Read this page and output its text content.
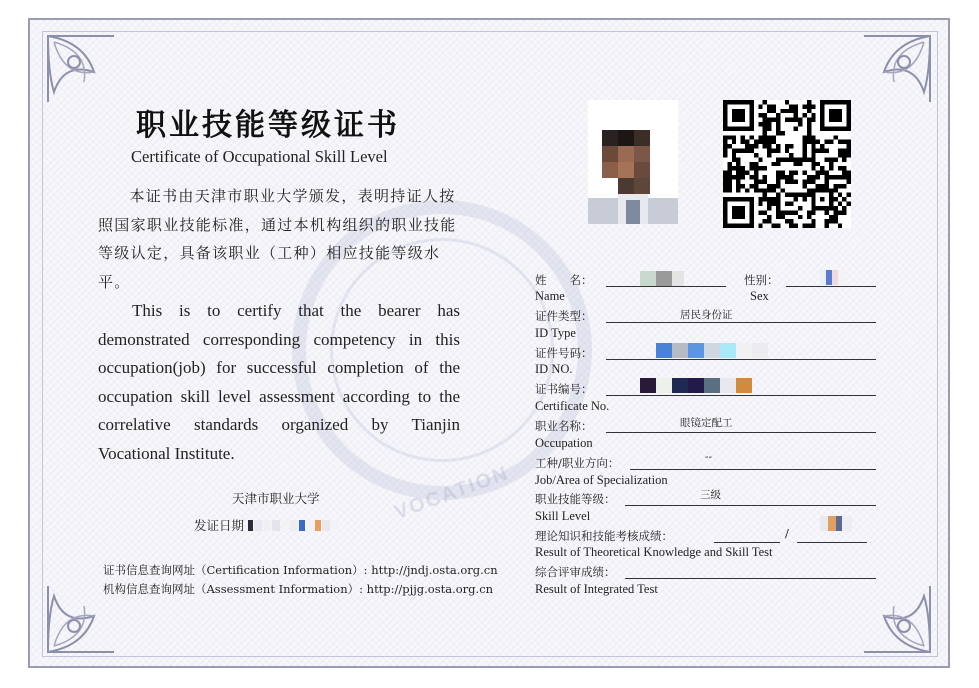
VOCATION
职业技能等级证书
Certificate of Occupational Skill Level
本证书由天津市职业大学颁发，表明持证人按照国家职业技能标准，通过本机构组织的职业技能等级认定，具备该职业（工种）相应技能等级水平。
This is to certify that the bearer has demonstrated corresponding competency in this occupation(job) for successful completion of the occupation skill level assessment according to the correlative standards organized by Tianjin Vocational Institute.
天津市职业大学
发证日期
证书信息查询网址（Certification Information）: http://jndj.osta.org.cn
机构信息查询网址（Assessment Information）: http://pjjg.osta.org.cn
姓　　名：	性别：
Name	Sex
证件类型：	居民身份证
ID Type
证件号码：
ID NO.
证书编号：
Certificate No.
职业名称：	眼镜定配工
Occupation
工种/职业方向：	--
Job/Area of Specialization
职业技能等级：	三级
Skill Level
理论知识和技能考核成绩：	/
Result of Theoretical Knowledge and Skill Test
综合评审成绩：
Result of Integrated Test
